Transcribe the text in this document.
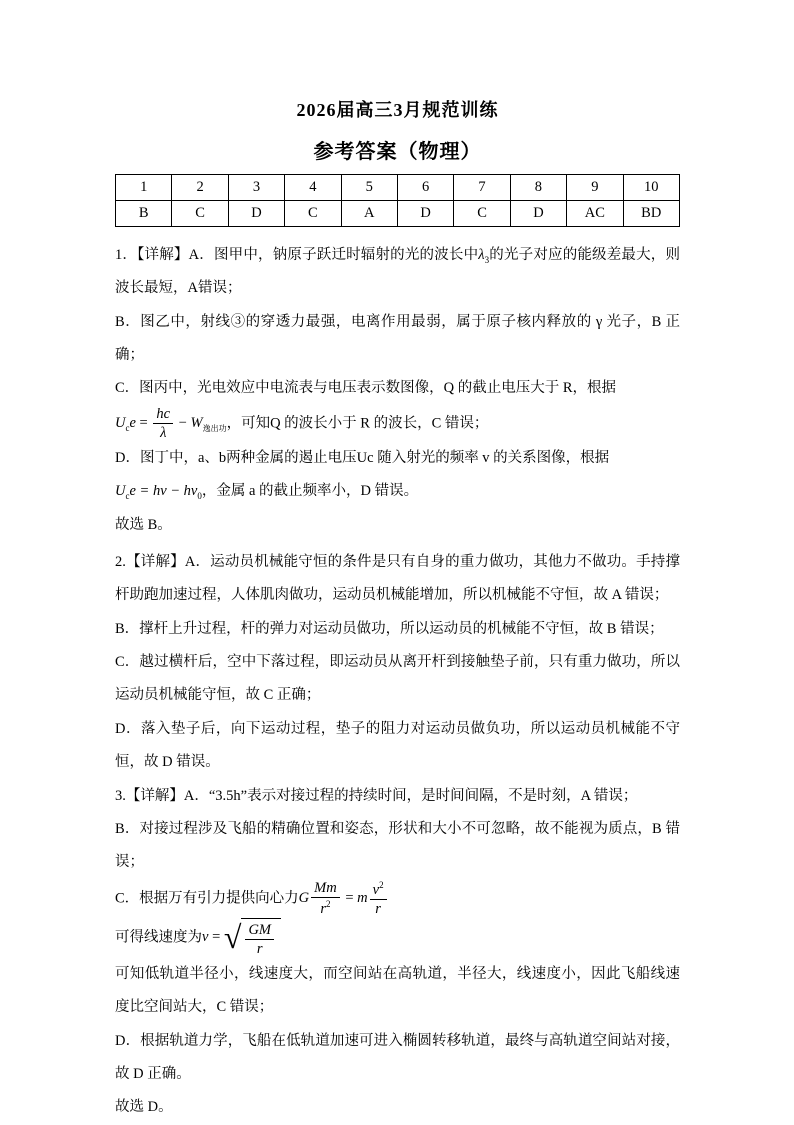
2026届高三3月规范训练
参考答案（物理）
1	2	3	4	5	6	7	8	9	10
B	C	D	C	A	D	C	D	AC	BD

1．【详解】A．图甲中，钠原子跃迁时辐射的光的波长中$\lambda_3$的光子对应的能级差最大，则波长最短，A错误；

B．图乙中，射线③的穿透力最强，电离作用最弱，属于原子核内释放的 γ 光子，B 正确；

C．图丙中，光电效应中电流表与电压表示数图像，Q 的截止电压大于 R，根据

$U_ce = \frac{hc}{\lambda} - W_{逸出功}$，可知Q 的波长小于 R 的波长，C 错误；

D．图丁中，a、b两种金属的遏止电压Uc 随入射光的频率 v 的关系图像，根据

$U_ce$ = hv − $hv_0$，金属 a 的截止频率小，D 错误。

故选 B。

2.【详解】A．运动员机械能守恒的条件是只有自身的重力做功，其他力不做功。手持撑杆助跑加速过程，人体肌肉做功，运动员机械能增加，所以机械能不守恒，故 A 错误；

B．撑杆上升过程，杆的弹力对运动员做功，所以运动员的机械能不守恒，故 B 错误；

C．越过横杆后，空中下落过程，即运动员从离开杆到接触垫子前，只有重力做功，所以运动员机械能守恒，故 C 正确；

D．落入垫子后，向下运动过程，垫子的阻力对运动员做负功，所以运动员机械能不守恒，故 D 错误。

3.【详解】A．“3.5h”表示对接过程的持续时间，是时间间隔，不是时刻，A 错误；

B．对接过程涉及飞船的精确位置和姿态，形状和大小不可忽略，故不能视为质点，B 错误；

C．根据万有引力提供向心力G $\frac{Mm}{r^2} = m \frac{v^2}{r}$

可得线速度为v = √ $\frac{GM}{r}$

可知低轨道半径小，线速度大，而空间站在高轨道，半径大，线速度小，因此飞船线速度比空间站大，C 错误；

D．根据轨道力学，飞船在低轨道加速可进入椭圆转移轨道，最终与高轨道空间站对接，故 D 正确。

故选 D。
